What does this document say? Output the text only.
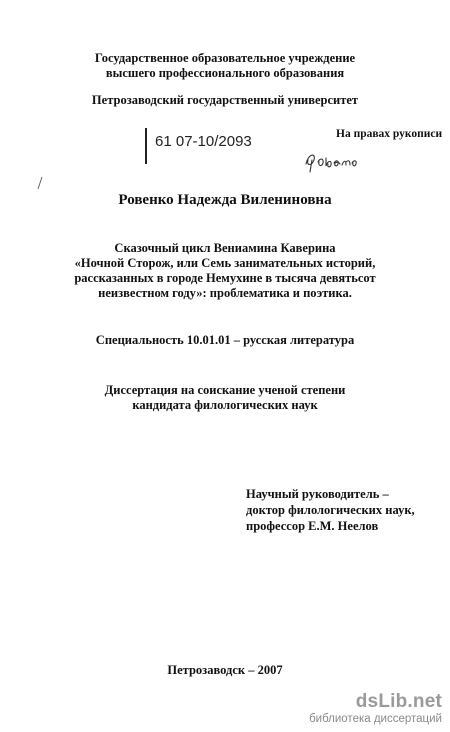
Государственное образовательное учреждение
высшего профессионального образования
Петрозаводский государственный университет
61 07-10/2093	На правах рукописи
Ровенко Надежда Вилениновна
Сказочный цикл Вениамина Каверина
«Ночной Сторож, или Семь занимательных историй,
рассказанных в городе Немухине в тысяча девятьсот
неизвестном году»: проблематика и поэтика.
Специальность 10.01.01 – русская литература
Диссертация на соискание ученой степени
кандидата филологических наук
Научный руководитель –
доктор филологических наук,
профессор Е.М. Неелов
Петрозаводск – 2007
dsLib.net
библиотека диссертаций
